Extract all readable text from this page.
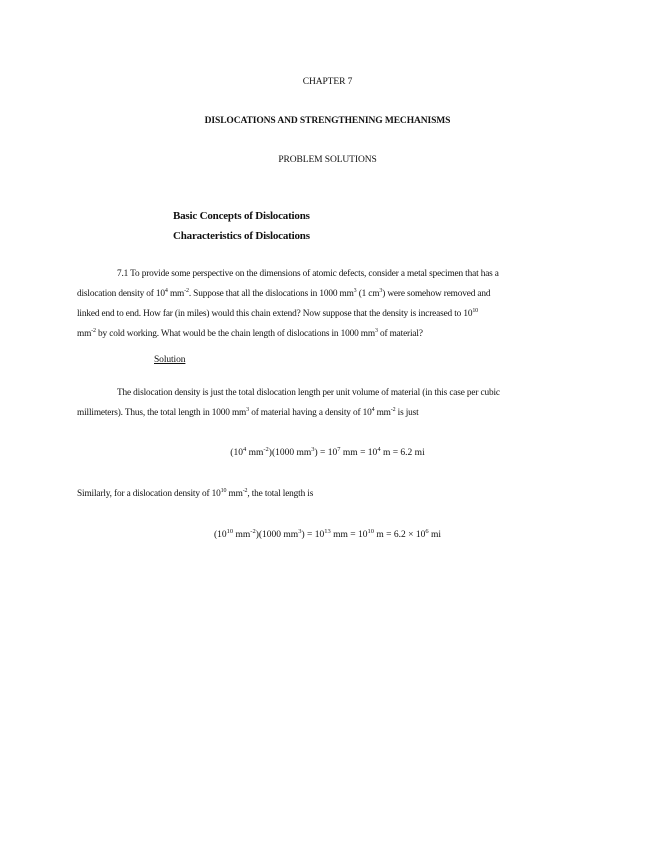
CHAPTER 7
DISLOCATIONS AND STRENGTHENING MECHANISMS
PROBLEM SOLUTIONS
Basic Concepts of Dislocations
Characteristics of Dislocations
7.1 To provide some perspective on the dimensions of atomic defects, consider a metal specimen that has a
dislocation density of $10^4$ $mm^{-2}$. Suppose that all the dislocations in 1000 $mm^3$ (1 $cm^3$) were somehow removed and
linked end to end. How far (in miles) would this chain extend? Now suppose that the density is increased to $10^{10}$
$mm^{-2}$ by cold working. What would be the chain length of dislocations in 1000 $mm^3$ of material?
Solution
The dislocation density is just the total dislocation length per unit volume of material (in this case per cubic
millimeters). Thus, the total length in 1000 $mm^3$ of material having a density of $10^4$ $mm^{-2}$ is just
($10^4$ $mm^{-2})(1000$ $mm^3) = 10^7$ mm = $10^4$ m = 6.2 mi
Similarly, for a dislocation density of $10^{10}$ $mm^{-2}$, the total length is
($10^{10}$ $mm^{-2})(1000$ $mm^3) = 10^{13}$ mm = $10^{10}$ $m = 6.2 \times 10^6$ mi
